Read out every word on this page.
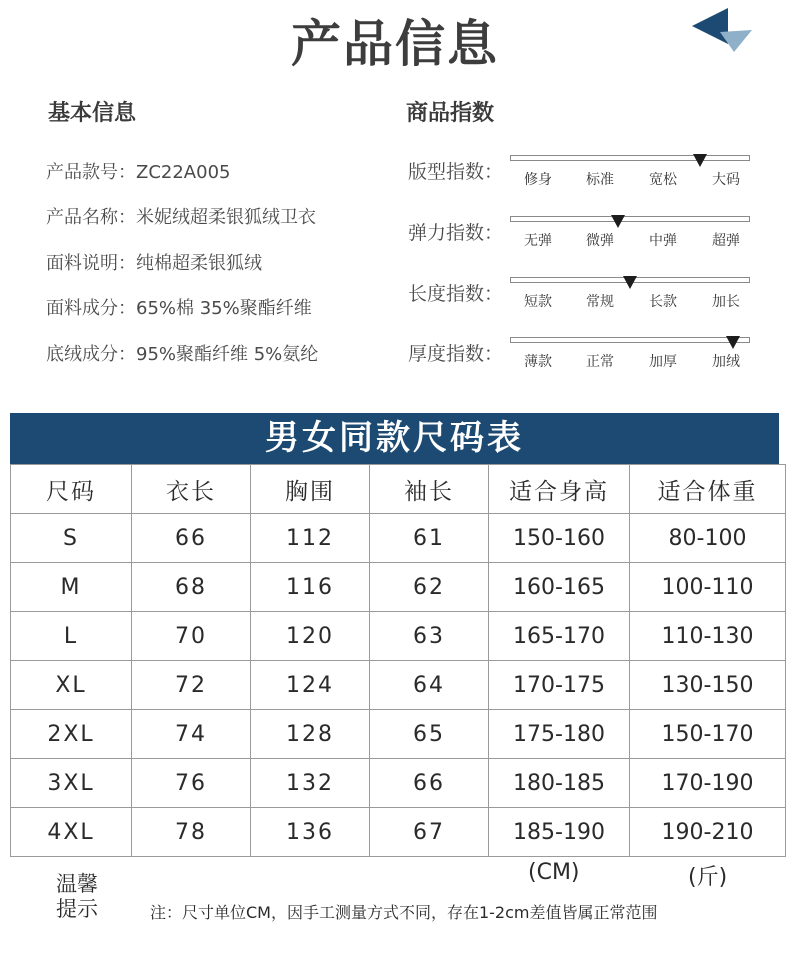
产品信息
基本信息	商品指数
产品款号：ZC22A005
产品名称：米妮绒超柔银狐绒卫衣
面料说明：纯棉超柔银狐绒
面料成分：65%棉 35%聚酯纤维
底绒成分：95%聚酯纤维 5%氨纶
版型指数：	修身	标准	宽松	大码
弹力指数：	无弹	微弹	中弹	超弹
长度指数：	短款	常规	长款	加长
厚度指数：	薄款	正常	加厚	加绒
男女同款尺码表
尺码	衣长	胸围	袖长	适合身高	适合体重
S	66	112	61	150-160	80-100
M	68	116	62	160-165	100-110
L	70	120	63	165-170	110-130
XL	72	124	64	170-175	130-150
2XL	74	128	65	175-180	150-170
3XL	76	132	66	180-185	170-190
4XL	78	136	67	185-190	190-210
(CM)	(斤)
温馨
提示	注：尺寸单位CM，因手工测量方式不同，存在1-2cm差值皆属正常范围
